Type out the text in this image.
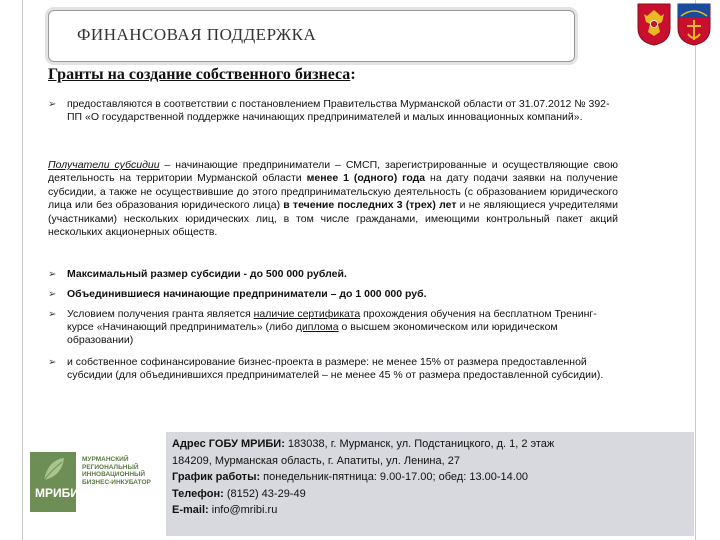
ФИНАНСОВАЯ ПОДДЕРЖКА
Гранты на создание собственного бизнеса:
➢ предоставляются в соответствии с постановлением Правительства Мурманской области от 31.07.2012 № 392-ПП «О государственной поддержке начинающих предпринимателей и малых инновационных компаний».
Получатели субсидии – начинающие предприниматели – СМСП, зарегистрированные и осуществляющие свою деятельность на территории Мурманской области менее 1 (одного) года на дату подачи заявки на получение субсидии, а также не осуществившие до этого предпринимательскую деятельность (с образованием юридического лица или без образования юридического лица) в течение последних 3 (трех) лет и не являющиеся учредителями (участниками) нескольких юридических лиц, в том числе гражданами, имеющими контрольный пакет акций нескольких акционерных обществ.
➢ Максимальный размер субсидии - до 500 000 рублей.
➢ Объединившиеся начинающие предприниматели – до 1 000 000 руб.
➢ Условием получения гранта является наличие сертификата прохождения обучения на бесплатном Тренинг-курсе «Начинающий предприниматель» (либо диплома о высшем экономическом или юридическом образовании)
➢ и собственное софинансирование бизнес-проекта в размере: не менее 15% от размера предоставленной субсидии (для объединившихся предпринимателей – не менее 45 % от размера предоставленной субсидии).
МРИБИ
МУРМАНСКИЙ РЕГИОНАЛЬНЫЙ ИННОВАЦИОННЫЙ БИЗНЕС-ИНКУБАТОР
Адрес ГОБУ МРИБИ: 183038, г. Мурманск, ул. Подстаницкого, д. 1, 2 этаж
184209, Мурманская область, г. Апатиты, ул. Ленина, 27
График работы: понедельник-пятница: 9.00-17.00; обед: 13.00-14.00
Телефон: (8152) 43-29-49
E-mail: info@mribi.ru
